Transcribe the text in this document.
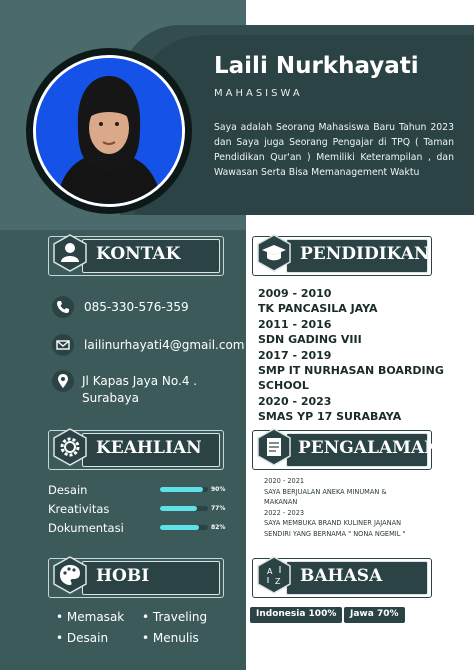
Laili Nurkhayati
MAHASISWA
Saya adalah Seorang Mahasiswa Baru Tahun 2023 dan Saya juga Seorang Pengajar di TPQ ( Taman Pendidikan Qur'an ) Memiliki Keterampilan , dan Wawasan Serta Bisa Memanagement Waktu
KONTAK
085-330-576-359
lailinurhayati4@gmail.com
Jl Kapas Jaya No.4 .
Surabaya
PENDIDIKAN
2009 - 2010
TK PANCASILA JAYA
2011 - 2016
SDN GADING VIII
2017 - 2019
SMP IT NURHASAN BOARDING
SCHOOL
2020 - 2023
SMAS YP 17 SURABAYA
KEAHLIAN
Desain	90%
Kreativitas	77%
Dokumentasi	82%
PENGALAMAN
2020 - 2021
SAYA BERJUALAN ANEKA MINUMAN &
MAKANAN
2022 - 2023
SAYA MEMBUKA BRAND KULINER JAJANAN
SENDIRI YANG BERNAMA " NONA NGEMIL "
HOBI
• Memasak • Traveling
• Desain	• Menulis
A
Z BAHASA
Indonesia 100%	Jawa 70%
